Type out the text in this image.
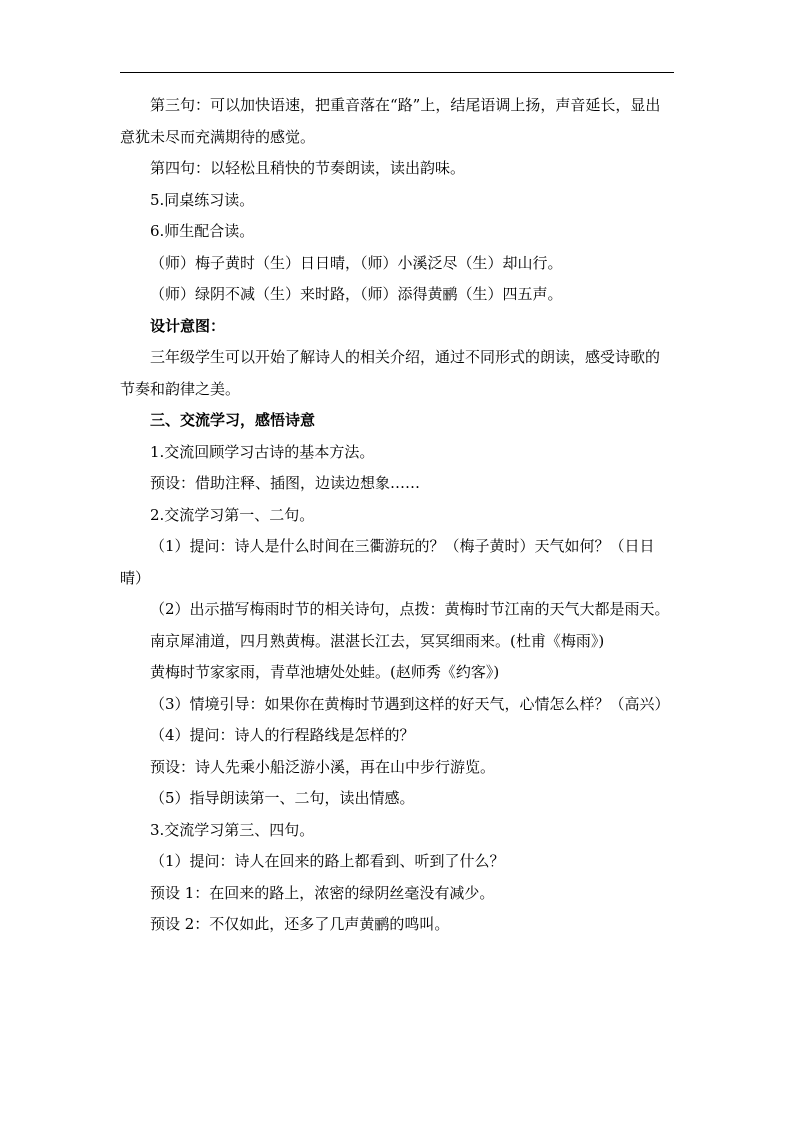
第三句：可以加快语速，把重音落在“路”上，结尾语调上扬，声音延长，显出意犹未尽而充满期待的感觉。

第四句：以轻松且稍快的节奏朗读，读出韵味。

5.同桌练习读。

6.师生配合读。

（师）梅子黄时（生）日日晴，（师）小溪泛尽（生）却山行。

（师）绿阴不减（生）来时路，（师）添得黄鹂（生）四五声。

设计意图：

三年级学生可以开始了解诗人的相关介绍，通过不同形式的朗读，感受诗歌的节奏和韵律之美。

三、交流学习，感悟诗意

1.交流回顾学习古诗的基本方法。

预设：借助注释、插图，边读边想象……

2.交流学习第一、二句。

（1）提问：诗人是什么时间在三衢游玩的？（梅子黄时）天气如何？（日日晴）

（2）出示描写梅雨时节的相关诗句，点拨：黄梅时节江南的天气大都是雨天。

南京犀浦道，四月熟黄梅。湛湛长江去，冥冥细雨来。(杜甫《梅雨》)

黄梅时节家家雨，青草池塘处处蛙。(赵师秀《约客》)

（3）情境引导：如果你在黄梅时节遇到这样的好天气，心情怎么样？（高兴）

（4）提问：诗人的行程路线是怎样的？

预设：诗人先乘小船泛游小溪，再在山中步行游览。

（5）指导朗读第一、二句，读出情感。

3.交流学习第三、四句。

（1）提问：诗人在回来的路上都看到、听到了什么？

预设 1：在回来的路上，浓密的绿阴丝毫没有减少。

预设 2：不仅如此，还多了几声黄鹂的鸣叫。
